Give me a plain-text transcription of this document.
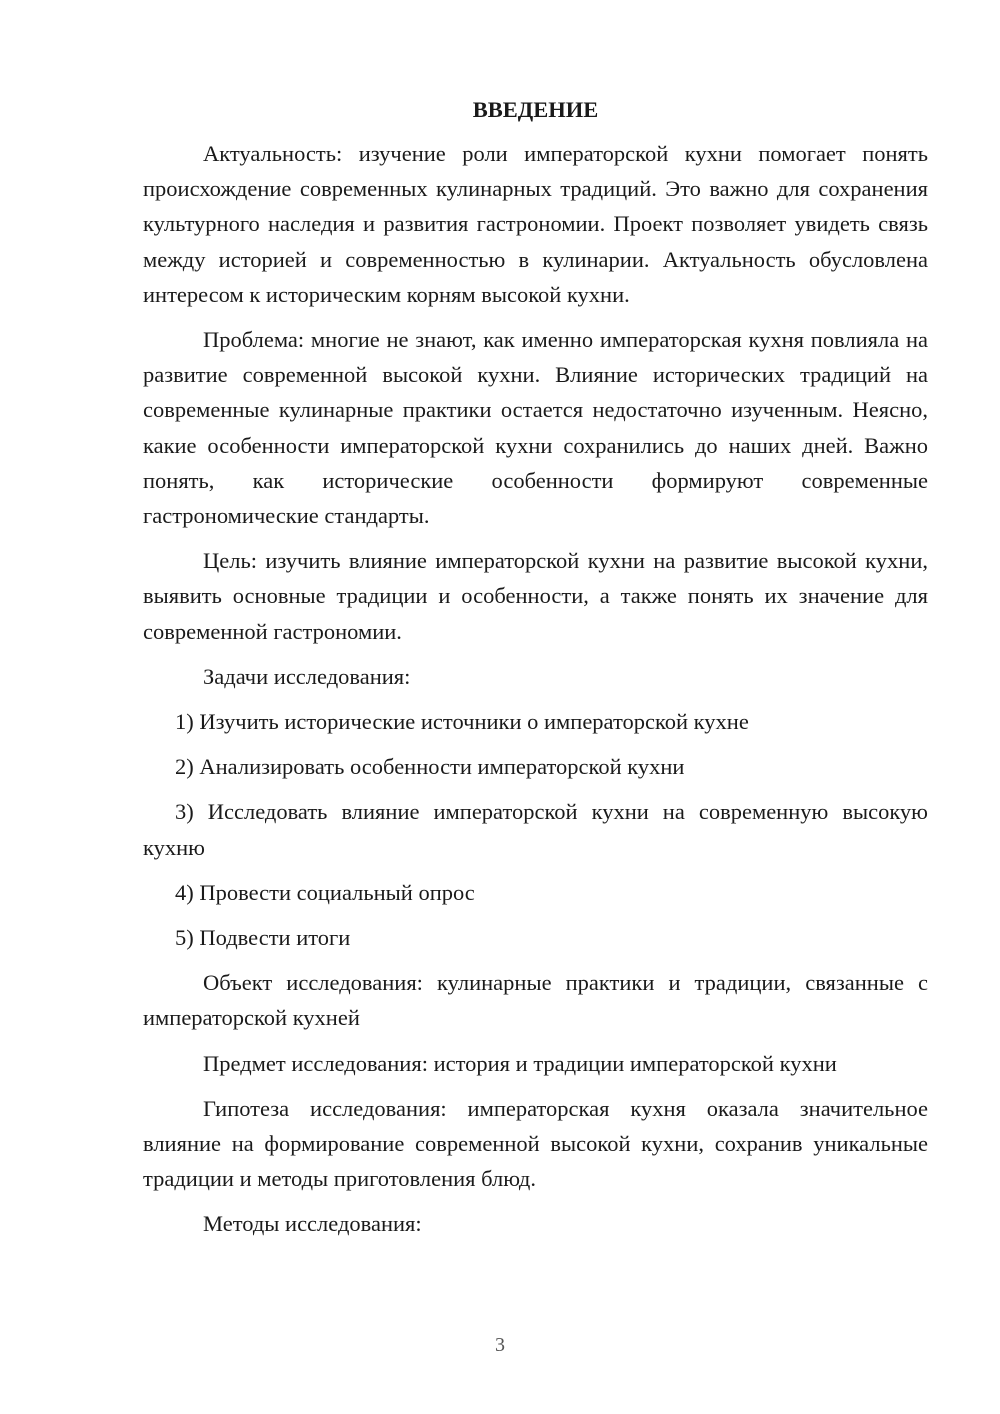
ВВЕДЕНИЕ

Актуальность: изучение роли императорской кухни помогает понять происхождение современных кулинарных традиций. Это важно для сохранения культурного наследия и развития гастрономии. Проект позволяет увидеть связь между историей и современностью в кулинарии. Актуальность обусловлена интересом к историческим корням высокой кухни.

Проблема: многие не знают, как именно императорская кухня повлияла на развитие современной высокой кухни. Влияние исторических традиций на современные кулинарные практики остается недостаточно изученным. Неясно, какие особенности императорской кухни сохранились до наших дней. Важно понять, как исторические особенности формируют современные гастрономические стандарты.

Цель: изучить влияние императорской кухни на развитие высокой кухни, выявить основные традиции и особенности, а также понять их значение для современной гастрономии.

Задачи исследования:

1) Изучить исторические источники о императорской кухне

2) Анализировать особенности императорской кухни

3) Исследовать влияние императорской кухни на современную высокую кухню

4) Провести социальный опрос

5) Подвести итоги

Объект исследования: кулинарные практики и традиции, связанные с императорской кухней

Предмет исследования: история и традиции императорской кухни

Гипотеза исследования: императорская кухня оказала значительное влияние на формирование современной высокой кухни, сохранив уникальные традиции и методы приготовления блюд.

Методы исследования:

3
